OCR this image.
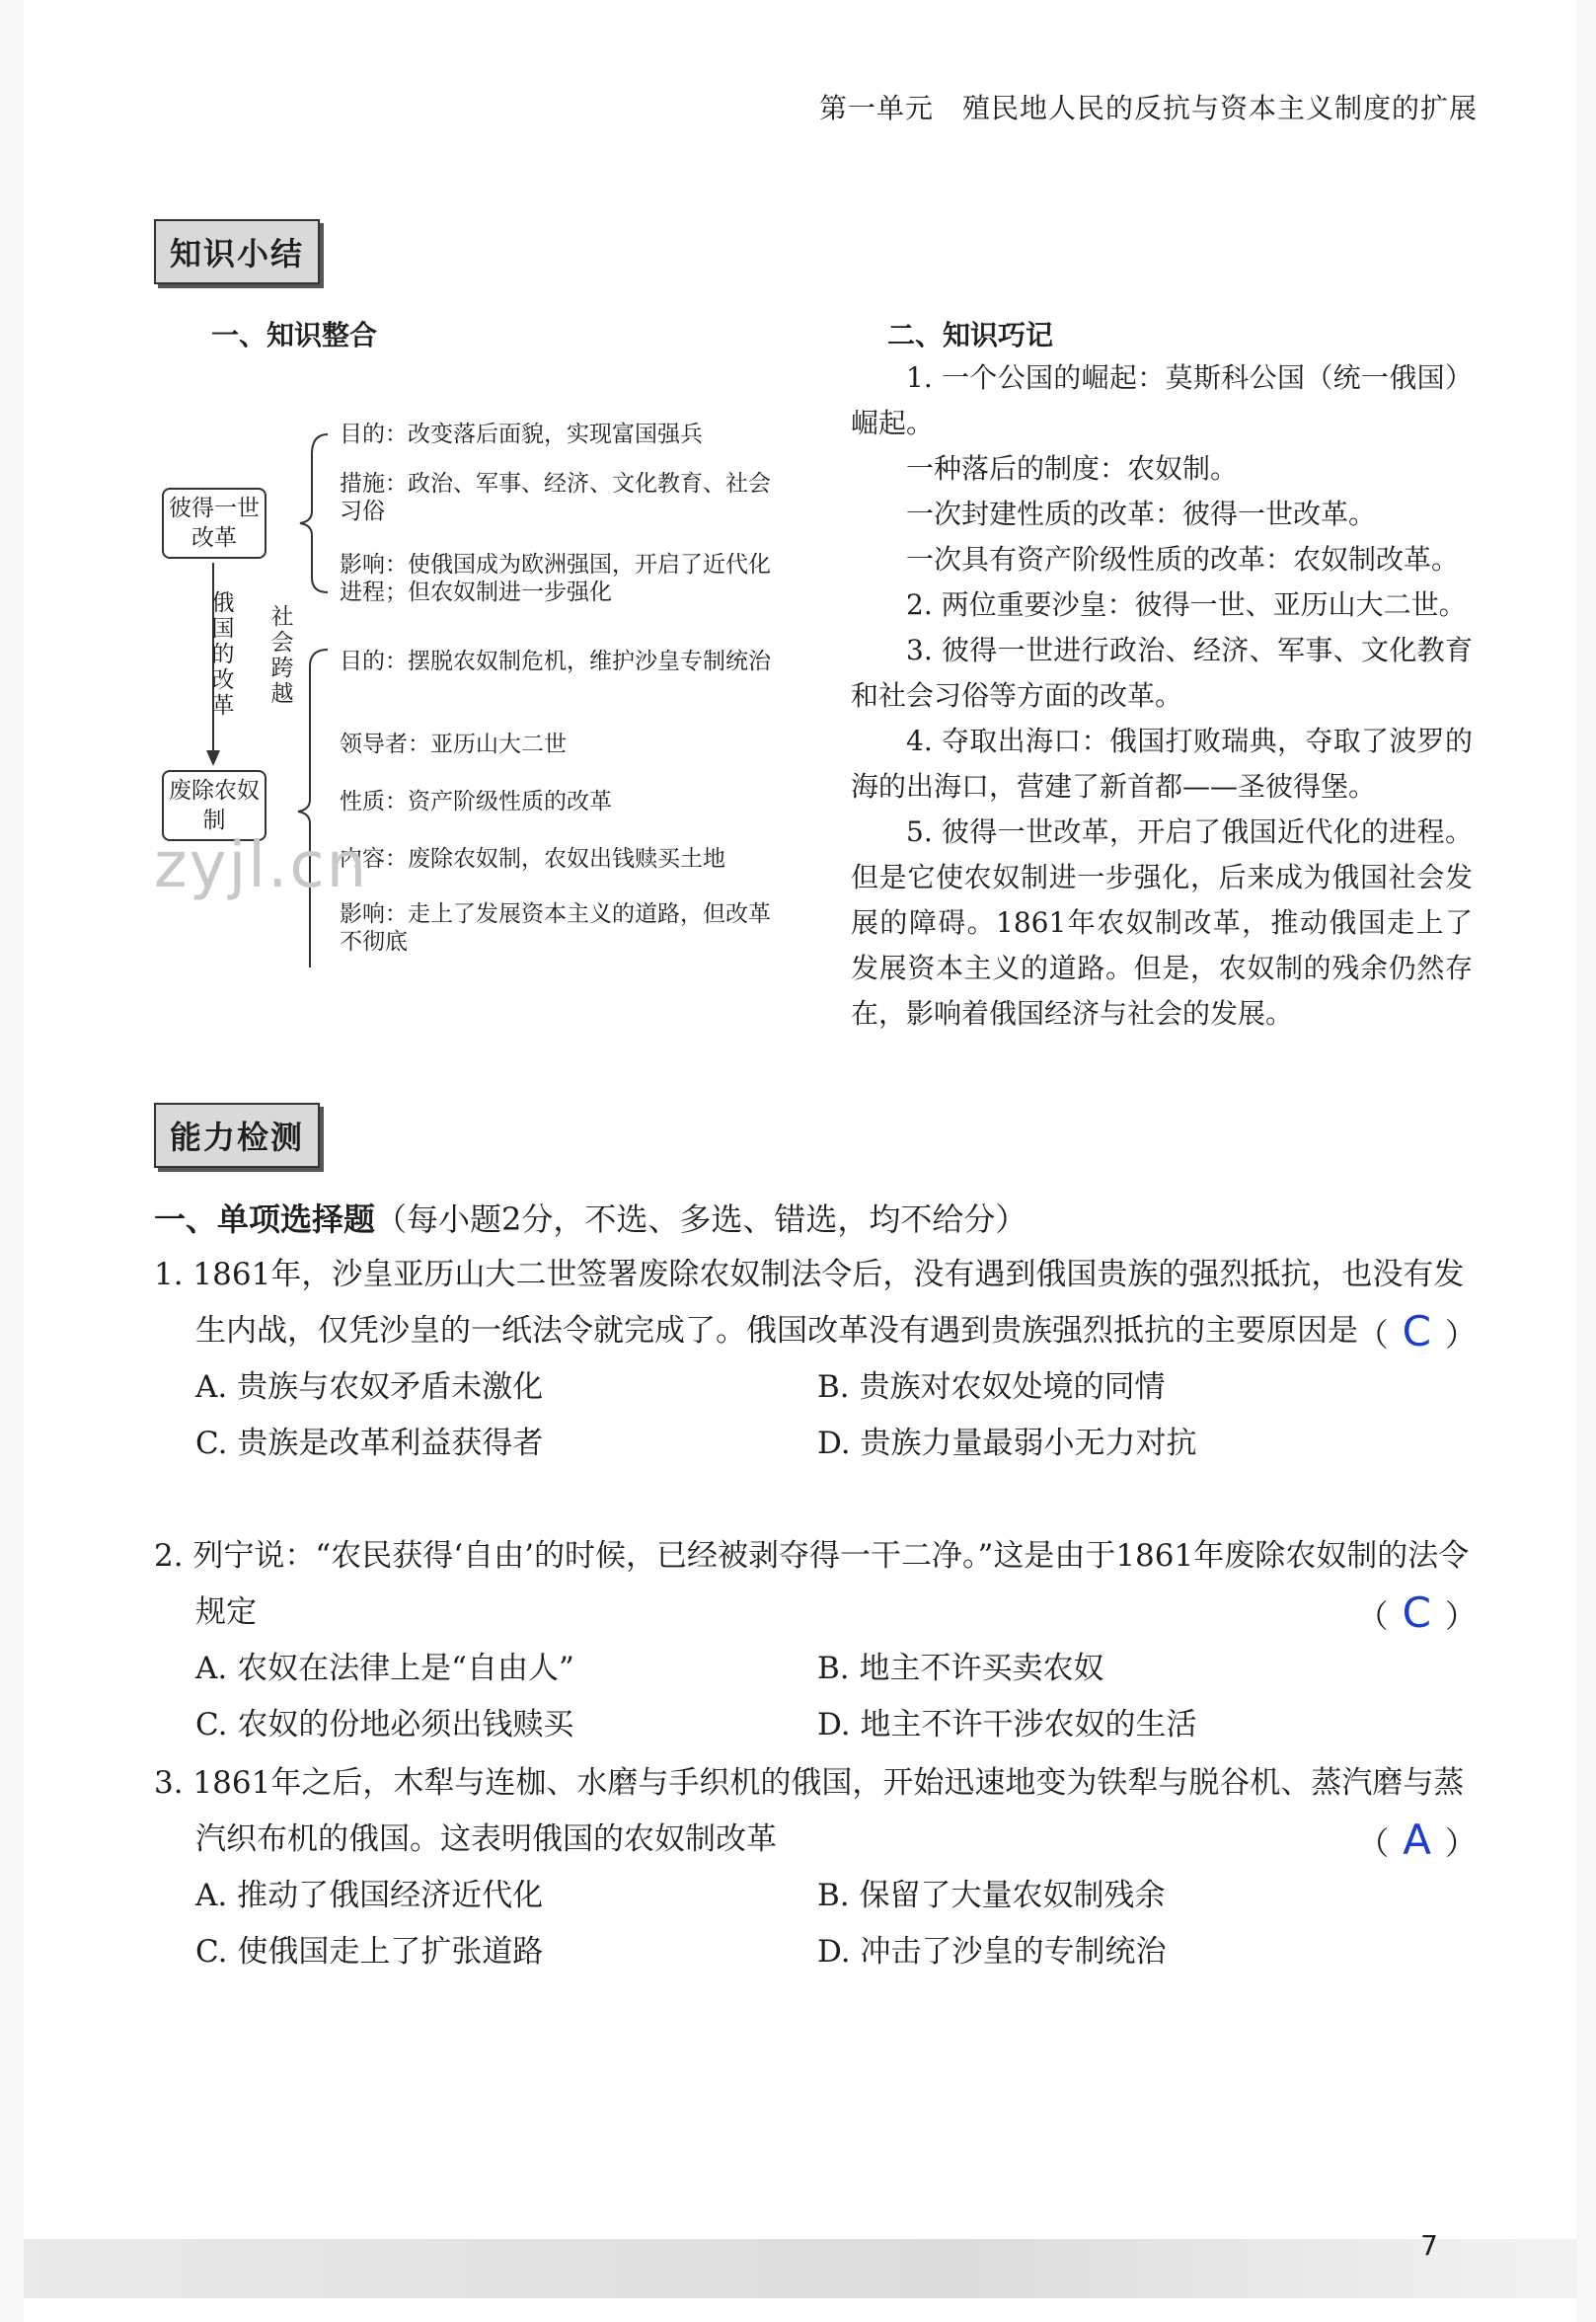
第一单元　殖民地人民的反抗与资本主义制度的扩展
知识小结
一、知识整合
彼得一世改革
废除农奴制
俄国的改革
社会跨越
目的：改变落后面貌，实现富国强兵
措施：政治、军事、经济、文化教育、社会习俗
影响：使俄国成为欧洲强国，开启了近代化进程；但农奴制进一步强化
目的：摆脱农奴制危机，维护沙皇专制统治
领导者：亚历山大二世
性质：资产阶级性质的改革
内容：废除农奴制，农奴出钱赎买土地
影响：走上了发展资本主义的道路，但改革不彻底
zyjl.cn
二、知识巧记

1. 一个公国的崛起：莫斯科公国（统一俄国）崛起。

一种落后的制度：农奴制。

一次封建性质的改革：彼得一世改革。

一次具有资产阶级性质的改革：农奴制改革。

2. 两位重要沙皇：彼得一世、亚历山大二世。

3. 彼得一世进行政治、经济、军事、文化教育和社会习俗等方面的改革。

4. 夺取出海口：俄国打败瑞典，夺取了波罗的海的出海口，营建了新首都——圣彼得堡。

5. 彼得一世改革，开启了俄国近代化的进程。但是它使农奴制进一步强化，后来成为俄国社会发展的障碍。1861年农奴制改革，推动俄国走上了发展资本主义的道路。但是，农奴制的残余仍然存在，影响着俄国经济与社会的发展。

能力检测
一、单项选择题（每小题2分，不选、多选、错选，均不给分）
1. 1861年，沙皇亚历山大二世签署废除农奴制法令后，没有遇到俄国贵族的强烈抵抗，也没有发生内战，仅凭沙皇的一纸法令就完成了。俄国改革没有遇到贵族强烈抵抗的主要原因是
（ C ）
A. 贵族与农奴矛盾未激化	B. 贵族对农奴处境的同情
C. 贵族是改革利益获得者	D. 贵族力量最弱小无力对抗
2. 列宁说：“农民获得‘自由’的时候，已经被剥夺得一干二净。”这是由于1861年废除农奴制的法令规定	（ C ）
A. 农奴在法律上是“自由人”	B. 地主不许买卖农奴
C. 农奴的份地必须出钱赎买	D. 地主不许干涉农奴的生活
3. 1861年之后，木犁与连枷、水磨与手织机的俄国，开始迅速地变为铁犁与脱谷机、蒸汽磨与蒸汽织布机的俄国。这表明俄国的农奴制改革	（ A ）
A. 推动了俄国经济近代化	B. 保留了大量农奴制残余
C. 使俄国走上了扩张道路	D. 冲击了沙皇的专制统治
7
